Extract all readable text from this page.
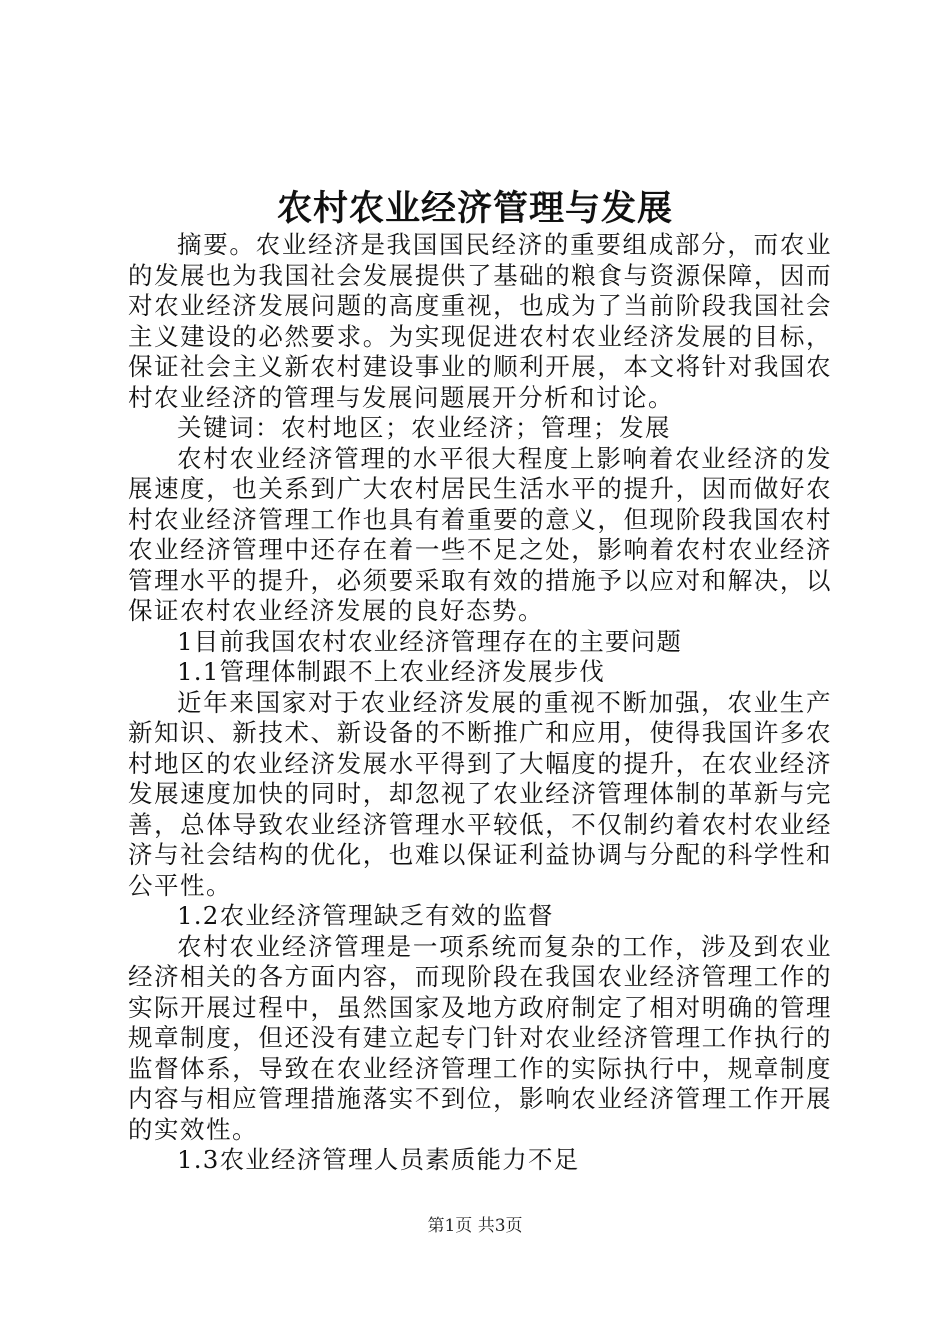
农村农业经济管理与发展

摘要。农业经济是我国国民经济的重要组成部分，而农业的发展也为我国社会发展提供了基础的粮食与资源保障，因而对农业经济发展问题的高度重视，也成为了当前阶段我国社会主义建设的必然要求。为实现促进农村农业经济发展的目标，保证社会主义新农村建设事业的顺利开展，本文将针对我国农村农业经济的管理与发展问题展开分析和讨论。

关键词：农村地区；农业经济；管理；发展

农村农业经济管理的水平很大程度上影响着农业经济的发展速度，也关系到广大农村居民生活水平的提升，因而做好农村农业经济管理工作也具有着重要的意义，但现阶段我国农村农业经济管理中还存在着一些不足之处，影响着农村农业经济管理水平的提升，必须要采取有效的措施予以应对和解决，以保证农村农业经济发展的良好态势。

1目前我国农村农业经济管理存在的主要问题

1.1管理体制跟不上农业经济发展步伐

近年来国家对于农业经济发展的重视不断加强，农业生产新知识、新技术、新设备的不断推广和应用，使得我国许多农村地区的农业经济发展水平得到了大幅度的提升，在农业经济发展速度加快的同时，却忽视了农业经济管理体制的革新与完善，总体导致农业经济管理水平较低，不仅制约着农村农业经济与社会结构的优化，也难以保证利益协调与分配的科学性和公平性。

1.2农业经济管理缺乏有效的监督

农村农业经济管理是一项系统而复杂的工作，涉及到农业经济相关的各方面内容，而现阶段在我国农业经济管理工作的实际开展过程中，虽然国家及地方政府制定了相对明确的管理规章制度，但还没有建立起专门针对农业经济管理工作执行的监督体系，导致在农业经济管理工作的实际执行中，规章制度内容与相应管理措施落实不到位，影响农业经济管理工作开展的实效性。

1.3农业经济管理人员素质能力不足

第1页 共3页
